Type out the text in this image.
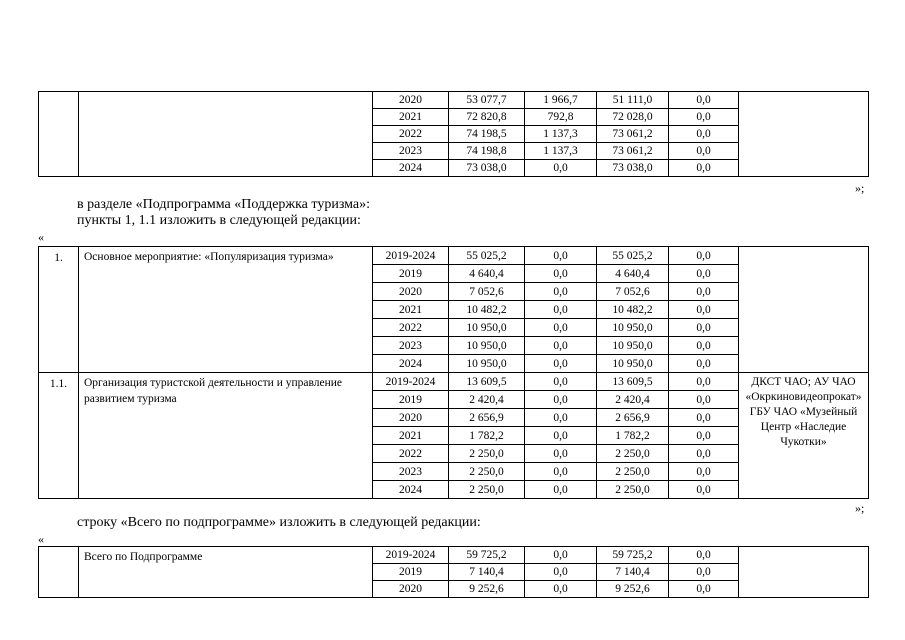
		2020	53 077,7	1 966,7	51 111,0	0,0	
		2021	72 820,8	792,8	72 028,0	0,0	
		2022	74 198,5	1 137,3	73 061,2	0,0	
		2023	74 198,8	1 137,3	73 061,2	0,0	
		2024	73 038,0	0,0	73 038,0	0,0	
»;
в разделе «Подпрограмма «Поддержка туризма»:
пункты 1, 1.1 изложить в следующей редакции:
«
1.	Основное мероприятие: «Популяризация туризма»	2019-2024	55 025,2	0,0	55 025,2	0,0	
		2019	4 640,4	0,0	4 640,4	0,0	
		2020	7 052,6	0,0	7 052,6	0,0	
		2021	10 482,2	0,0	10 482,2	0,0	
		2022	10 950,0	0,0	10 950,0	0,0	
		2023	10 950,0	0,0	10 950,0	0,0	
		2024	10 950,0	0,0	10 950,0	0,0	
1.1.	Организация туристской деятельности и управление развитием туризма	2019-2024	13 609,5	0,0	13 609,5	0,0	ДКСТ ЧАО; АУ ЧАО «Окркиновидеопрокат»
ГБУ ЧАО «Музейный Центр «Наследие Чукотки»

		2019	2 420,4	0,0	2 420,4	0,0	
		2020	2 656,9	0,0	2 656,9	0,0	
		2021	1 782,2	0,0	1 782,2	0,0	
		2022	2 250,0	0,0	2 250,0	0,0	
		2023	2 250,0	0,0	2 250,0	0,0	
		2024	2 250,0	0,0	2 250,0	0,0	
»;
строку «Всего по подпрограмме» изложить в следующей редакции:
«
	Всего по Подпрограмме	2019-2024	59 725,2	0,0	59 725,2	0,0	
		2019	7 140,4	0,0	7 140,4	0,0	
		2020	9 252,6	0,0	9 252,6	0,0	
